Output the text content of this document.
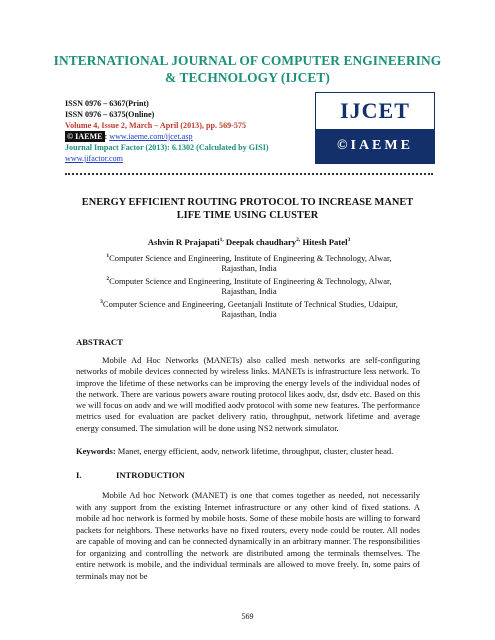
INTERNATIONAL JOURNAL OF COMPUTER ENGINEERING
& TECHNOLOGY (IJCET)
ISSN 0976 – 6367(Print)
ISSN 0976 – 6375(Online)
Volume 4, Issue 2, March – April (2013), pp. 569-575
© IAEME : www.iaeme.com/ijcet.asp
Journal Impact Factor (2013): 6.1302 (Calculated by GISI)
www.jifactor.com
IJCET
©IAEME
ENERGY EFFICIENT ROUTING PROTOCOL TO INCREASE MANET
LIFE TIME USING CLUSTER
Ashvin R Prajapati$^{1,}$ Deepak chaudhary$^{2,}$ Hitesh Patel$^3$
$^1$Computer Science and Engineering, Institute of Engineering & Technology, Alwar,
Rajasthan, India
$^2$Computer Science and Engineering, Institute of Engineering & Technology, Alwar,
Rajasthan, India
$^3$Computer Science and Engineering, Geetanjali Institute of Technical Studies, Udaipur,
Rajasthan, India
ABSTRACT
Mobile Ad Hoc Networks (MANETs) also called mesh networks are self-configuring networks of mobile devices connected by wireless links. MANETs is infrastructure less network. To improve the lifetime of these networks can be improving the energy levels of the individual nodes of the network. There are various powers aware routing protocol likes aodv, dsr, dsdv etc. Based on this we will focus on aodv and we will modified aodv protocol with some new features. The performance metrics used for evaluation are packet delivery ratio, throughput, network lifetime and average energy consumed. The simulation will be done using NS2 network simulator.
Keywords: Manet, energy efficient, aodv, network lifetime, throughput, cluster, cluster head.
I.	INTRODUCTION
Mobile Ad hoc Network (MANET) is one that comes together as needed, not necessarily with any support from the existing Internet infrastructure or any other kind of fixed stations. A mobile ad hoc network is formed by mobile hosts. Some of these mobile hosts are willing to forward packets for neighbors. These networks have no fixed routers, every node could be router. All nodes are capable of moving and can be connected dynamically in an arbitrary manner. The responsibilities for organizing and controlling the network are distributed among the terminals themselves. The entire network is mobile, and the individual terminals are allowed to move freely. In, some pairs of terminals may not be
569
